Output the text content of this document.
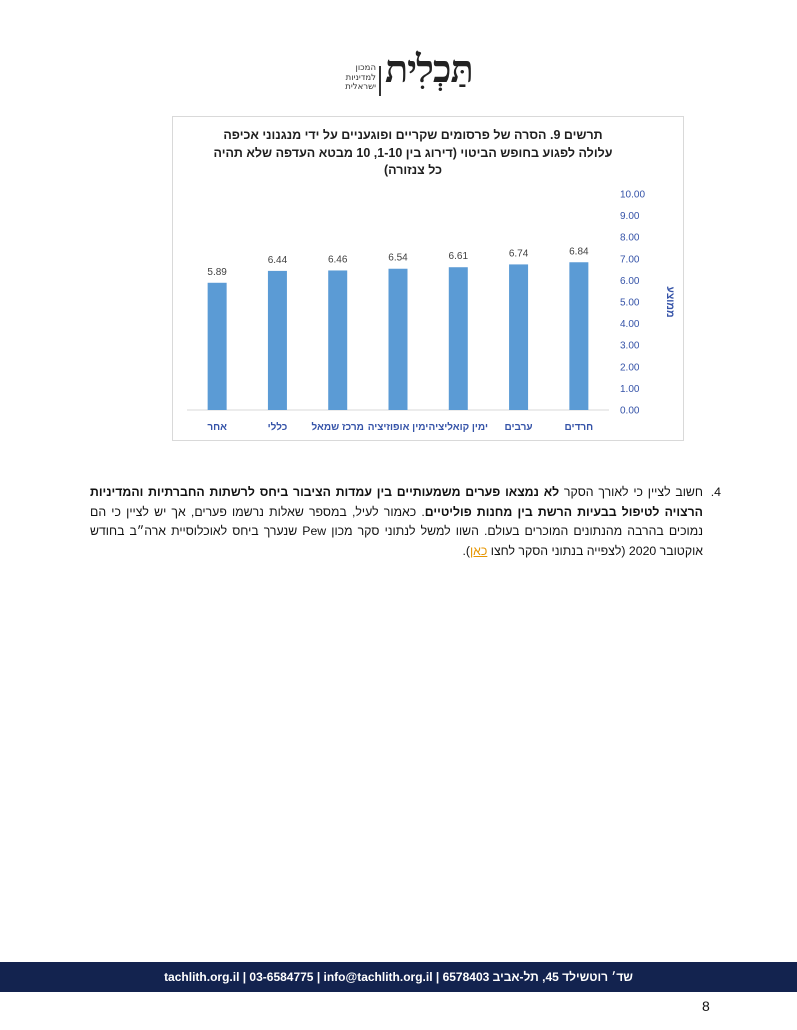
המכון
למדיניות
ישראלית תַּכְלִית
תרשים 9. הסרה של פרסומים שקריים ופוגעניים על ידי מנגנוני אכיפה
עלולה לפגוע בחופש הביטוי (דירוג בין 1-10, 10 מבטא העדפה שלא תהיה
כל צנזורה)
5.89
אחר
6.44
כללי
6.46
מרכז שמאל
6.54
ימין אופוזיציה
6.61
ימין קואליציה
6.74
ערבים
6.84
חרדים
0.00
1.00
2.00
3.00
4.00
5.00
6.00
7.00
8.00
9.00
10.00
ממוצע
4.
חשוב לציין כי לאורך הסקר לא נמצאו פערים משמעותיים בין עמדות הציבור ביחס לרשתות החברתיות והמדיניות הרצויה לטיפול בבעיות הרשת בין מחנות פוליטיים. כאמור לעיל, במספר שאלות נרשמו פערים, אך יש לציין כי הם נמוכים בהרבה מהנתונים המוכרים בעולם. השוו למשל לנתוני סקר מכון Pew שנערך ביחס לאוכלוסיית ארה״ב בחודש אוקטובר 2020 (לצפייה בנתוני הסקר לחצו כאן).
שד׳ רוטשילד 45, תל-אביב 6578403 | tachlith.org.il | 03-6584775 | info@tachlith.org.il
8
